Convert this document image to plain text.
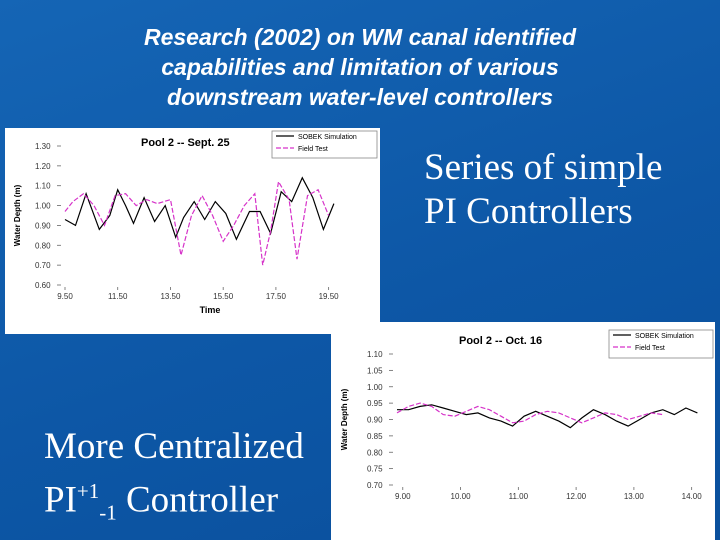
Research (2002) on WM canal identified
capabilities and limitation of various
downstream water-level controllers
Pool 2 -- Sept. 25
0.60
0.70
0.80
0.90
1.00
1.10
1.20
1.30
9.50	11.50	13.50	15.50	17.50	19.50
Water Depth (m)
Time
SOBEK Simulation
Field Test	Series of simple
PI Controllers
More Centralized
$PI^{+1}_{-1}$ Controller
Pool 2 -- Oct. 16
0.70
0.75
0.80
0.85
0.90
0.95
1.00
1.05
1.10
9.00	10.00	11.00	12.00	13.00	14.00
Water Depth (m)
SOBEK Simulation
Field Test
